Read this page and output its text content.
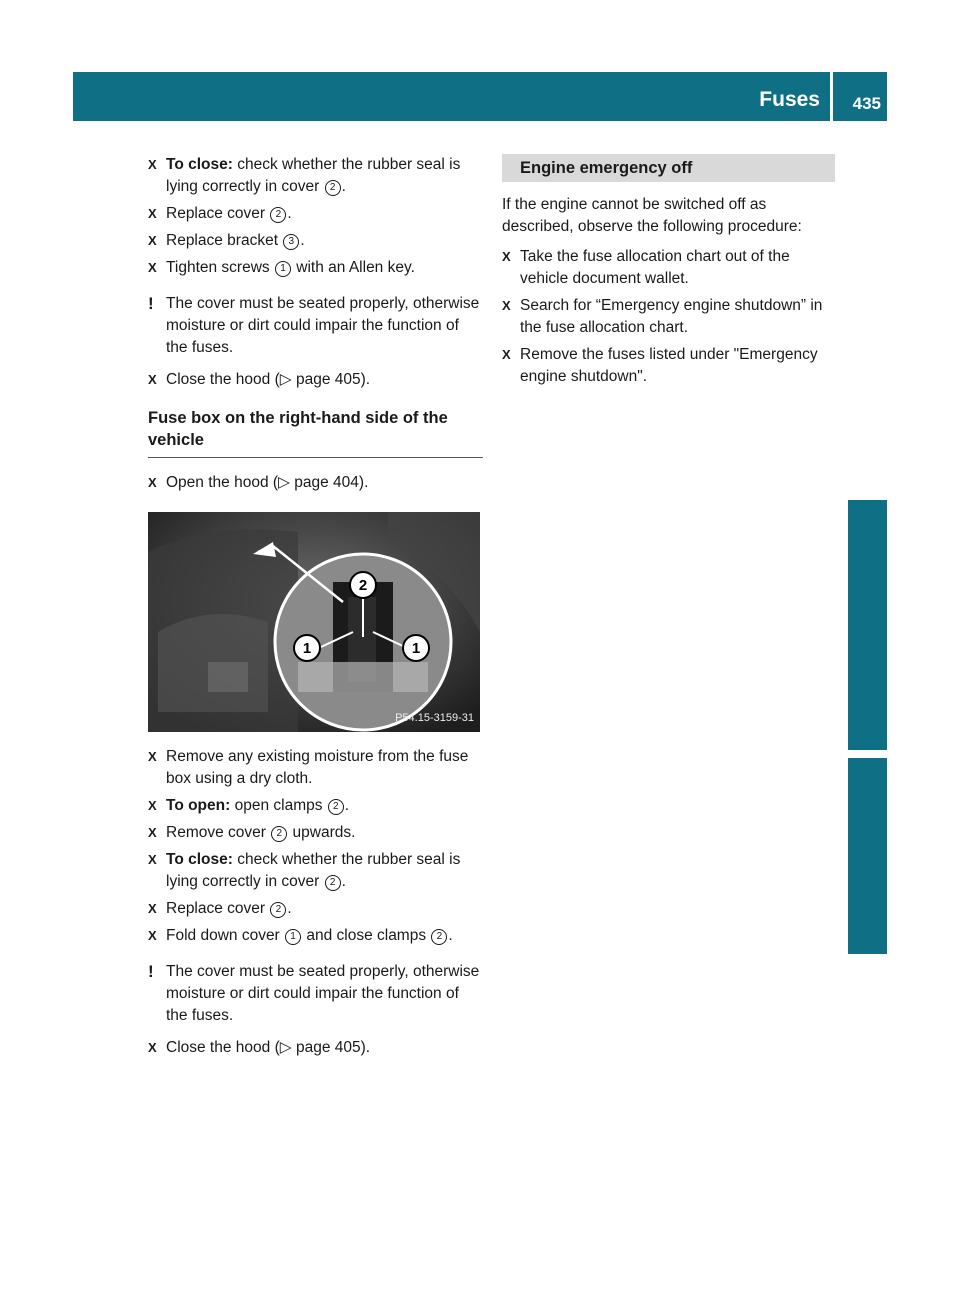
Fuses 435
Roadside Assistance
X To close: check whether the rubber seal is lying correctly in cover 2 .
X Replace cover 2 .
X Replace bracket 3 .
X Tighten screws 1 with an Allen key.
! The cover must be seated properly, otherwise moisture or dirt could impair the function of the fuses.
X Close the hood (▷ page 405).
Fuse box on the right-hand side of the vehicle
X Open the hood (▷ page 404).
1
2
1
P54.15-3159-31
X Remove any existing moisture from the fuse box using a dry cloth.
X To open: open clamps 2 .
X Remove cover 2 upwards.
X To close: check whether the rubber seal is lying correctly in cover 2 .
X Replace cover 2 .
X Fold down cover 1 and close clamps 2 .
! The cover must be seated properly, otherwise moisture or dirt could impair the function of the fuses.
X Close the hood (▷ page 405).
Engine emergency off
If the engine cannot be switched off as described, observe the following procedure:
X Take the fuse allocation chart out of the vehicle document wallet.
X Search for “Emergency engine shutdown” in the fuse allocation chart.
X Remove the fuses listed under "Emergency engine shutdown".
